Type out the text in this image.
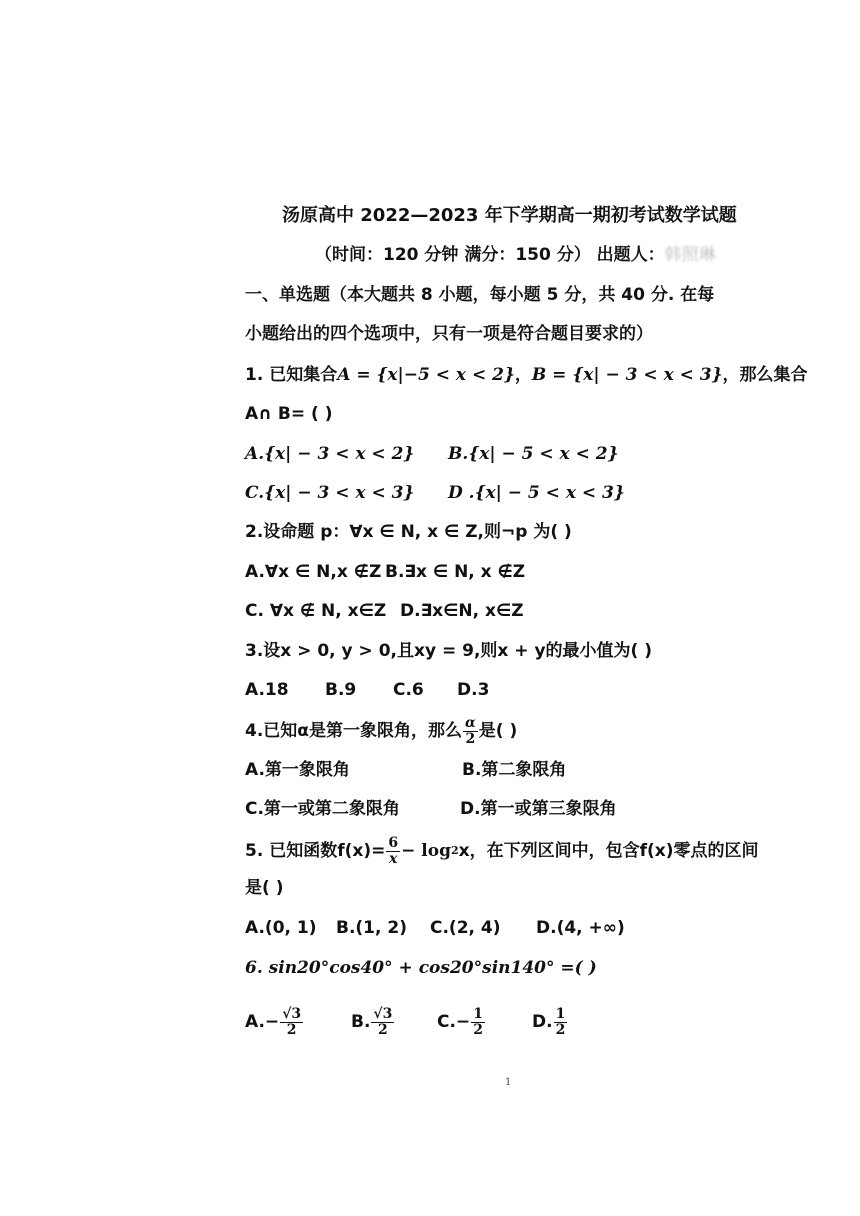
汤原高中 2022—2023 年下学期高一期初考试数学试题
（时间：120 分钟 满分：150 分） 出题人：韩照琳
一、单选题（本大题共 8 小题，每小题 5 分，共 40 分. 在每
小题给出的四个选项中，只有一项是符合题目要求的）
1. 已知集合A = {x|−5 < x < 2}，B = {x| − 3 < x < 3}，那么集合
A∩ B= ( )
A.{x| − 3 < x < 2} B.{x| − 5 < x < 2}
C.{x| − 3 < x < 3} D .{x| − 5 < x < 3}
2.设命题 p：∀x ∈ N, x ∈ Z,则¬p 为( )
A.∀x ∈ N,x ∉Z B.∃x ∈ N, x ∉Z
C. ∀x ∉ N, x∈Z D.∃x∈N, x∈Z
3.设x > 0, y > 0,且xy = 9,则x + y的最小值为( )
A.18 B.9 C.6 D.3
4.已知α是第一象限角，那么 $\frac{\alpha}{2}$ 是( )
A.第一象限角	B.第二象限角
C.第一或第二象限角	D.第一或第三象限角
5. 已知函数$f(x)= \frac{6}{x} - \log 2$ x，在下列区间中，包含f(x)零点的区间
是( )
A.(0, 1) B.(1, 2) C.(2, 4) D.(4, +∞)
6. sin20°cos40° + cos20°sin140° =( )
$A.- \frac{√3}{2}$	B. $\frac{√3}{2}$	$C.- \frac{1}{2}$	D. $\frac{1}{2}$
1
